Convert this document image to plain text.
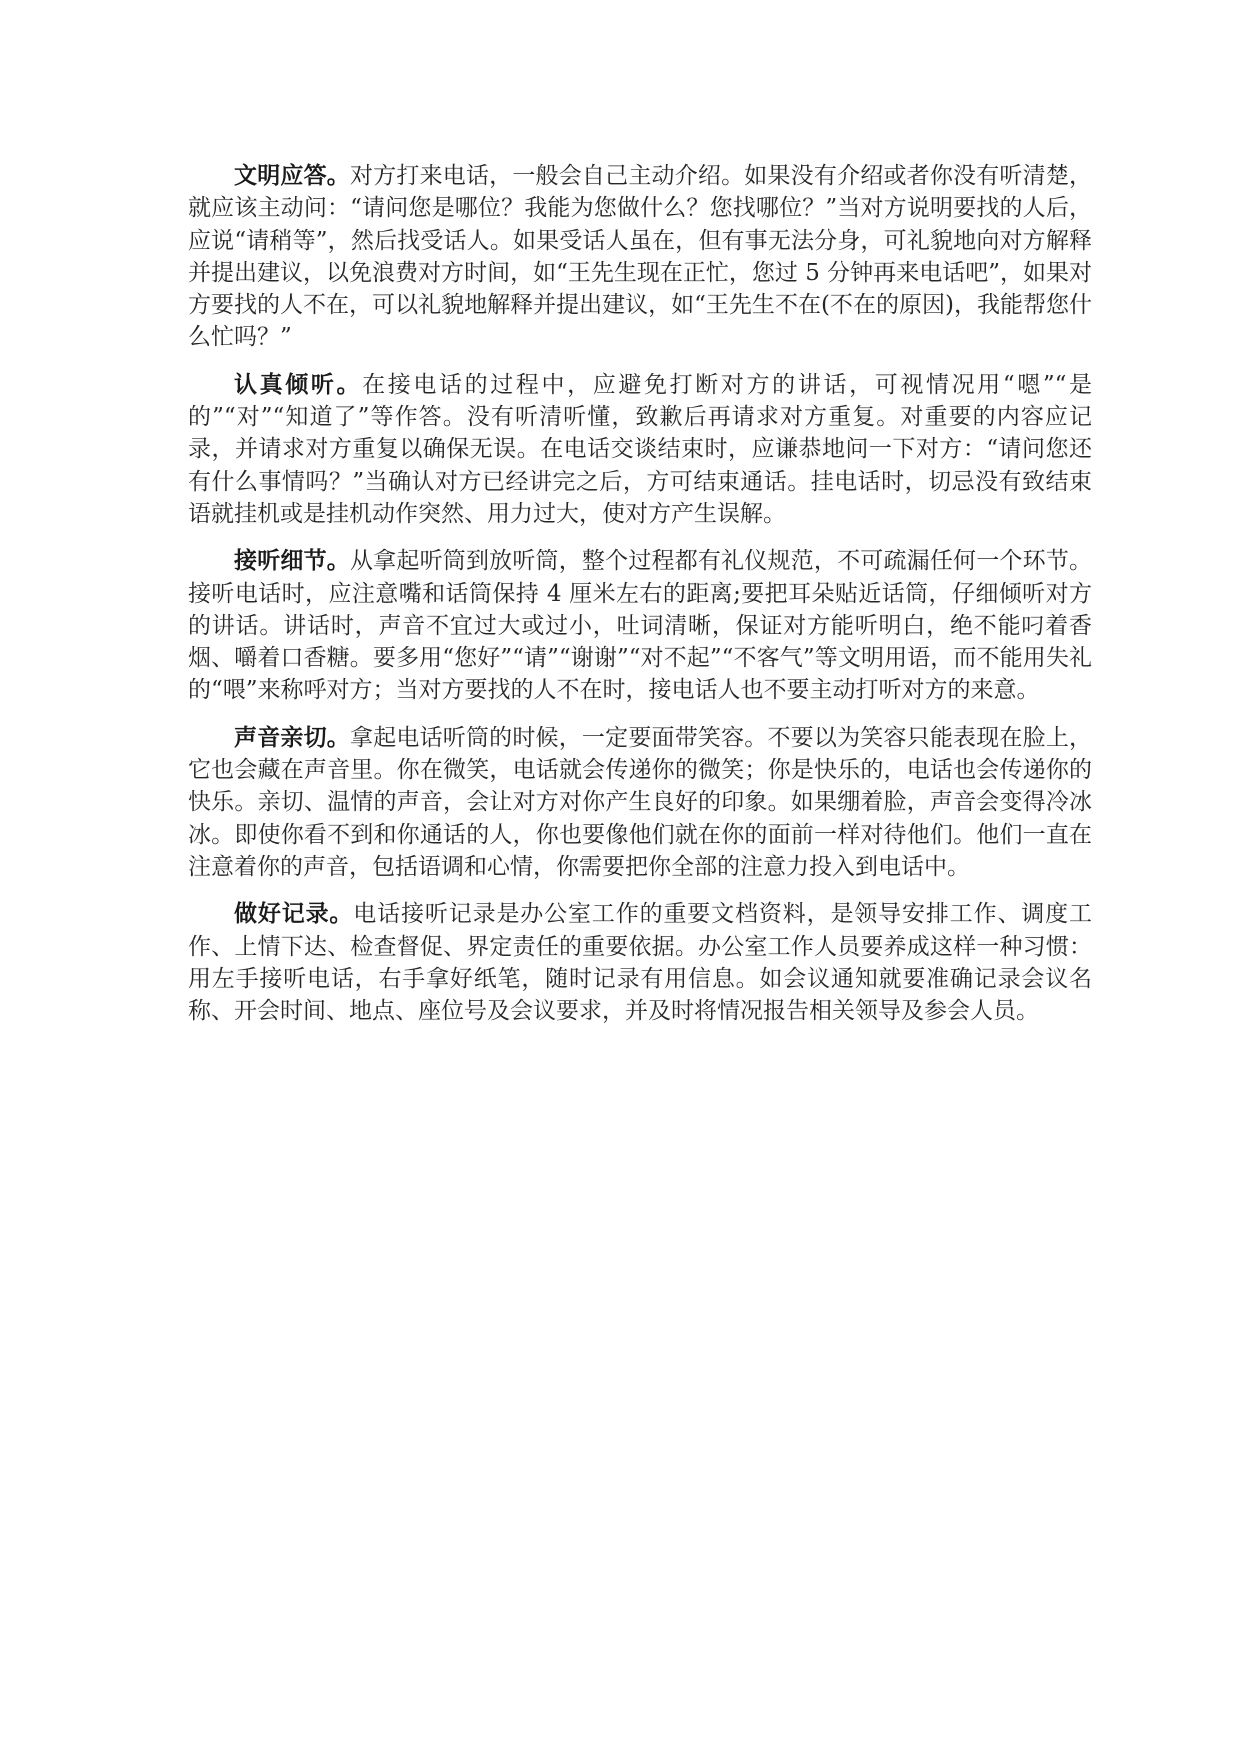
文明应答。对方打来电话，一般会自己主动介绍。如果没有介绍或者你没有听清楚，就应该主动问：“请问您是哪位？我能为您做什么？您找哪位？”当对方说明要找的人后，应说“请稍等”，然后找受话人。如果受话人虽在，但有事无法分身，可礼貌地向对方解释并提出建议，以免浪费对方时间，如“王先生现在正忙，您过 5 分钟再来电话吧”，如果对方要找的人不在，可以礼貌地解释并提出建议，如“王先生不在(不在的原因)，我能帮您什么忙吗？”

认真倾听。在接电话的过程中，应避免打断对方的讲话，可视情况用“嗯”“是的”“对”“知道了”等作答。没有听清听懂，致歉后再请求对方重复。对重要的内容应记录，并请求对方重复以确保无误。在电话交谈结束时，应谦恭地问一下对方：“请问您还有什么事情吗？”当确认对方已经讲完之后，方可结束通话。挂电话时，切忌没有致结束语就挂机或是挂机动作突然、用力过大，使对方产生误解。

接听细节。从拿起听筒到放听筒，整个过程都有礼仪规范，不可疏漏任何一个环节。接听电话时，应注意嘴和话筒保持 4 厘米左右的距离;要把耳朵贴近话筒，仔细倾听对方的讲话。讲话时，声音不宜过大或过小，吐词清晰，保证对方能听明白，绝不能叼着香烟、嚼着口香糖。要多用“您好”“请”“谢谢”“对不起”“不客气”等文明用语，而不能用失礼的“喂”来称呼对方；当对方要找的人不在时，接电话人也不要主动打听对方的来意。

声音亲切。拿起电话听筒的时候，一定要面带笑容。不要以为笑容只能表现在脸上，它也会藏在声音里。你在微笑，电话就会传递你的微笑；你是快乐的，电话也会传递你的快乐。亲切、温情的声音，会让对方对你产生良好的印象。如果绷着脸，声音会变得冷冰冰。即使你看不到和你通话的人，你也要像他们就在你的面前一样对待他们。他们一直在注意着你的声音，包括语调和心情，你需要把你全部的注意力投入到电话中。

做好记录。电话接听记录是办公室工作的重要文档资料，是领导安排工作、调度工作、上情下达、检查督促、界定责任的重要依据。办公室工作人员要养成这样一种习惯：用左手接听电话，右手拿好纸笔，随时记录有用信息。如会议通知就要准确记录会议名称、开会时间、地点、座位号及会议要求，并及时将情况报告相关领导及参会人员。
